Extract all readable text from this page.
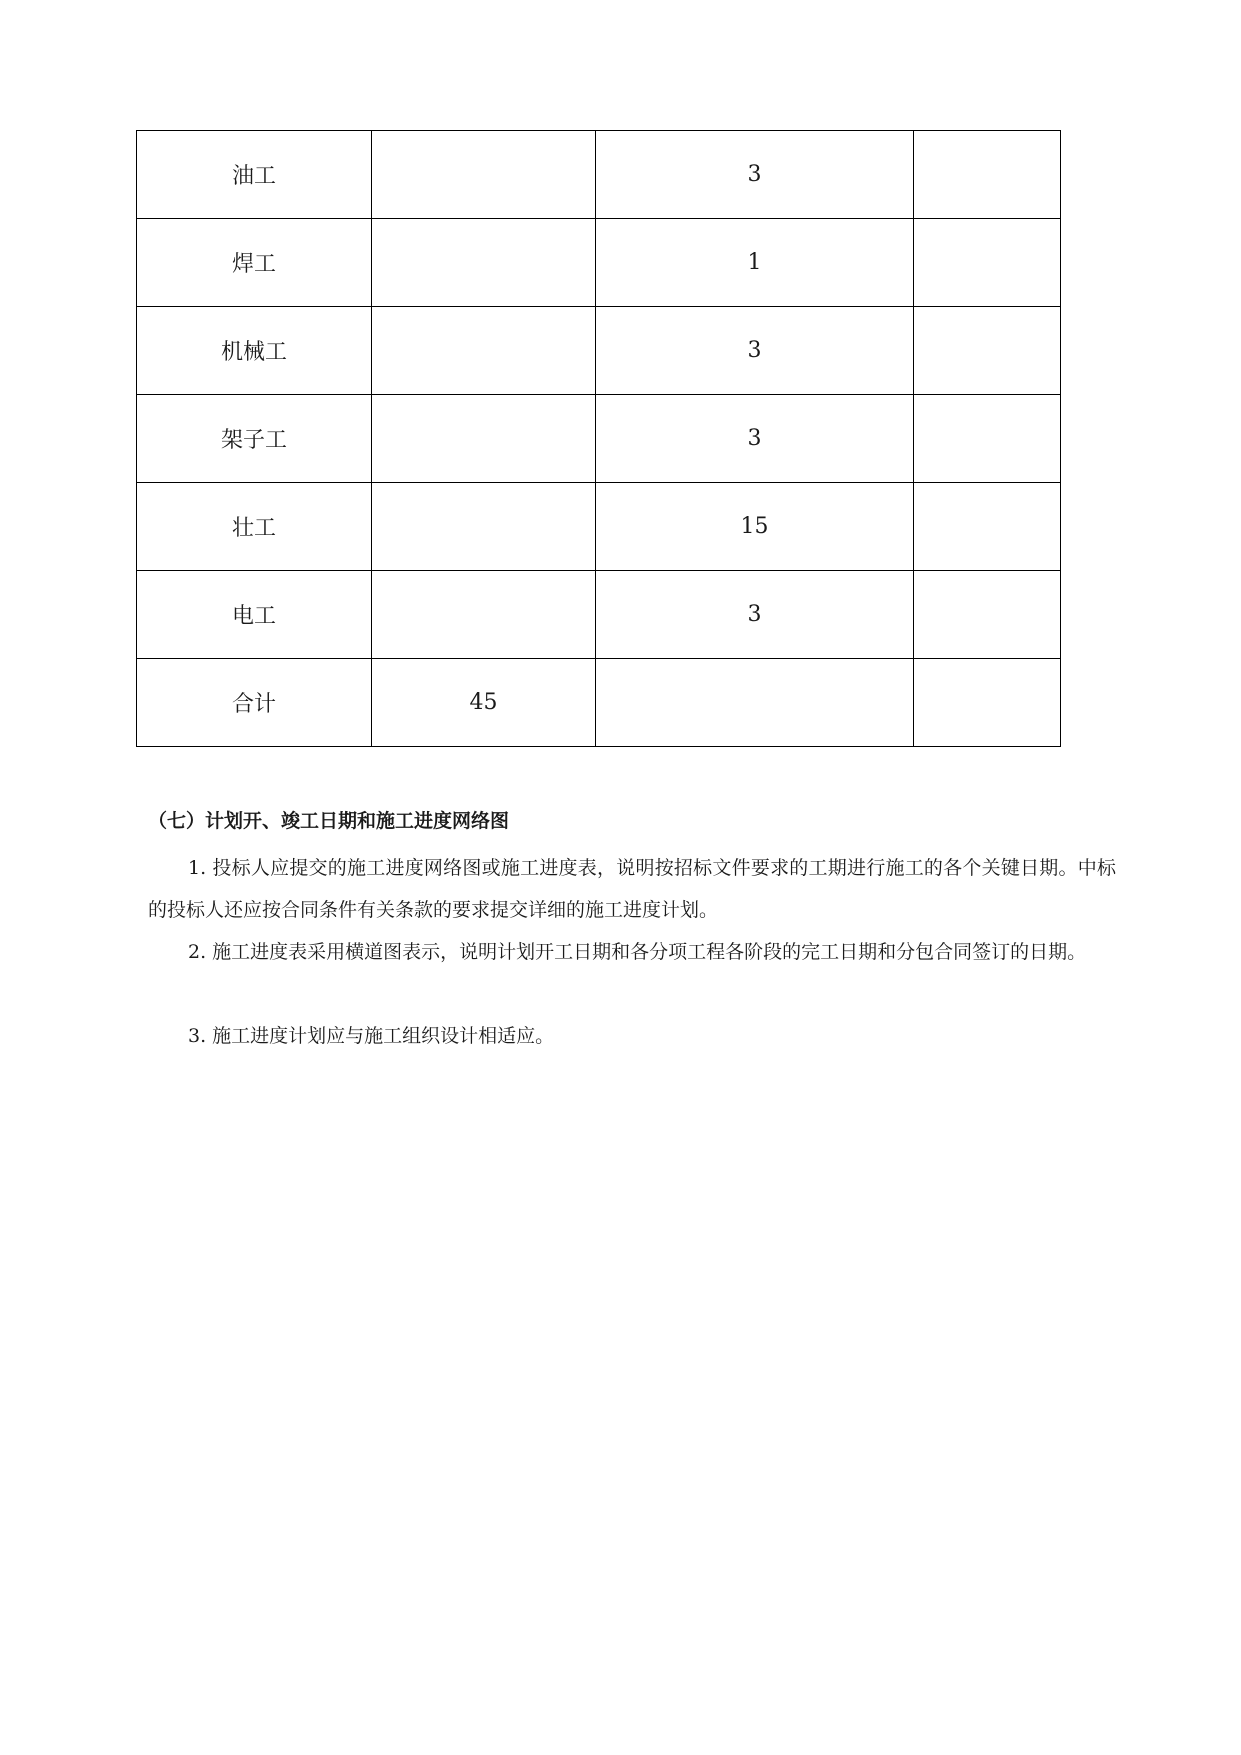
油工		3	
焊工		1	
机械工		3	
架子工		3	
壮工		15	
电工		3	
合计	45		
（七）计划开、竣工日期和施工进度网络图

1. 投标人应提交的施工进度网络图或施工进度表，说明按招标文件要求的工期进行施工的各个关键日期。中标的投标人还应按合同条件有关条款的要求提交详细的施工进度计划。

2. 施工进度表采用横道图表示，说明计划开工日期和各分项工程各阶段的完工日期和分包合同签订的日期。

3. 施工进度计划应与施工组织设计相适应。
